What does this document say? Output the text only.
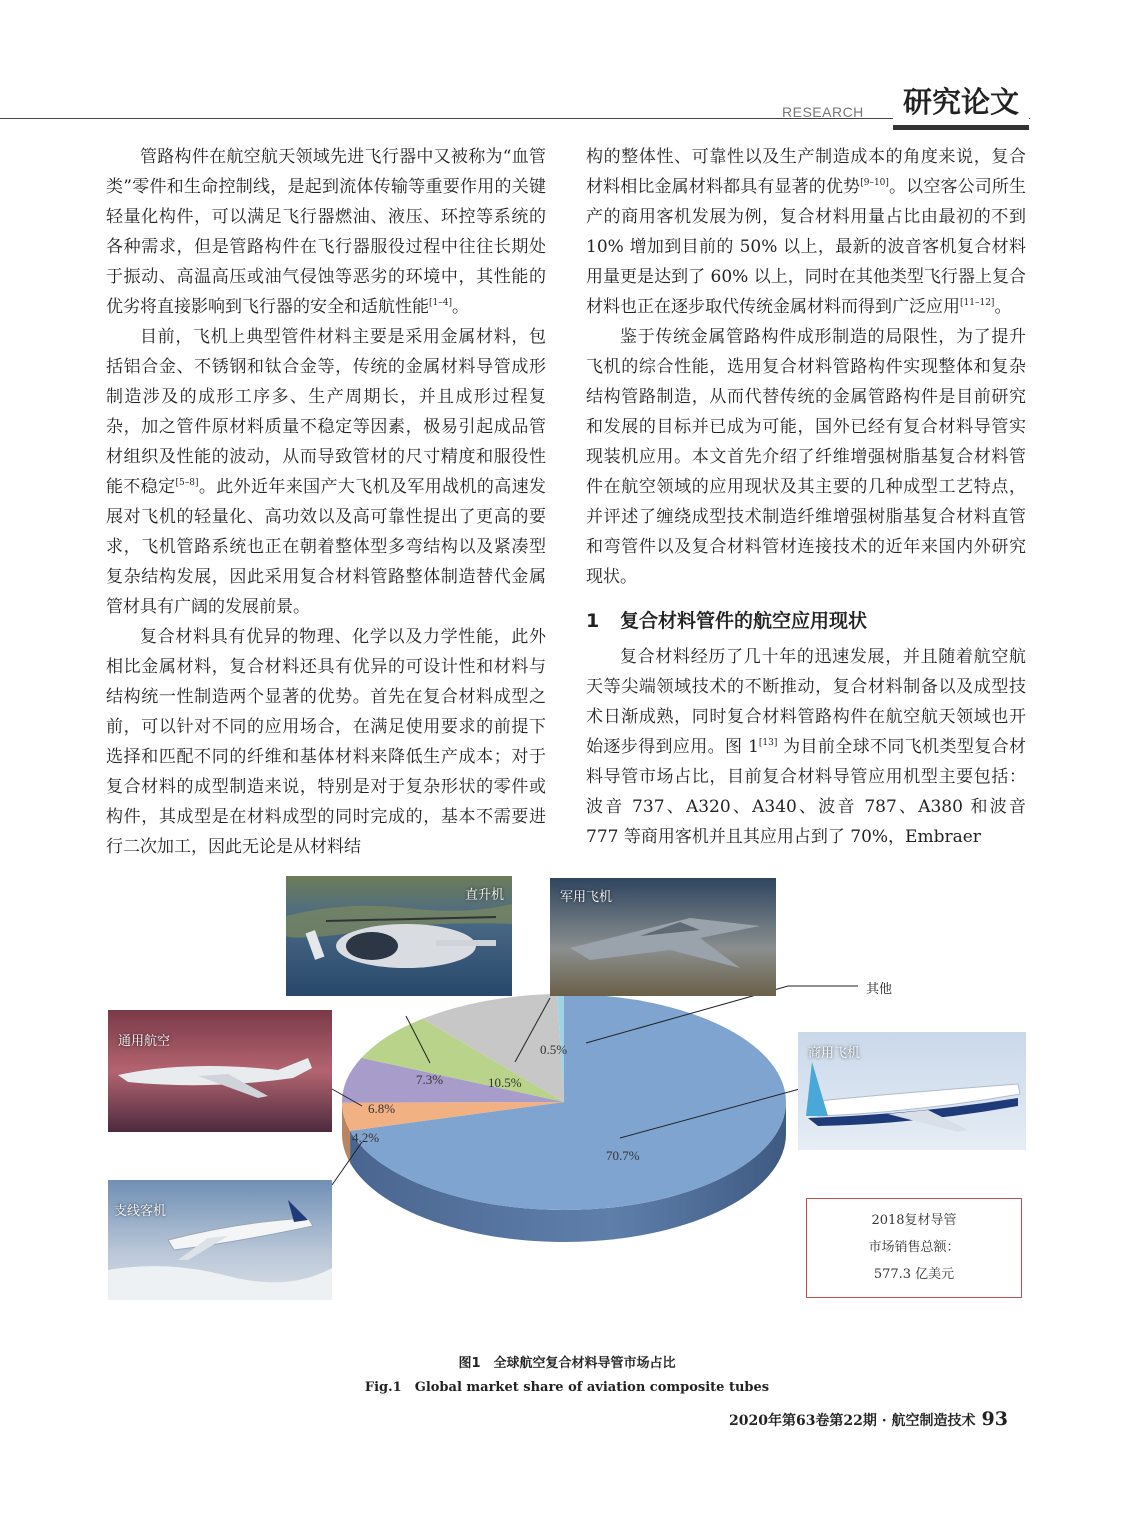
RESEARCH	研究论文

管路构件在航空航天领域先进飞行器中又被称为“血管类”零件和生命控制线，是起到流体传输等重要作用的关键轻量化构件，可以满足飞行器燃油、液压、环控等系统的各种需求，但是管路构件在飞行器服役过程中往往长期处于振动、高温高压或油气侵蚀等恶劣的环境中，其性能的优劣将直接影响到飞行器的安全和适航性能[1–4]。

目前，飞机上典型管件材料主要是采用金属材料，包括铝合金、不锈钢和钛合金等，传统的金属材料导管成形制造涉及的成形工序多、生产周期长，并且成形过程复杂，加之管件原材料质量不稳定等因素，极易引起成品管材组织及性能的波动，从而导致管材的尺寸精度和服役性能不稳定[5–8]。此外近年来国产大飞机及军用战机的高速发展对飞机的轻量化、高功效以及高可靠性提出了更高的要求，飞机管路系统也正在朝着整体型多弯结构以及紧凑型复杂结构发展，因此采用复合材料管路整体制造替代金属管材具有广阔的发展前景。

复合材料具有优异的物理、化学以及力学性能，此外相比金属材料，复合材料还具有优异的可设计性和材料与结构统一性制造两个显著的优势。首先在复合材料成型之前，可以针对不同的应用场合，在满足使用要求的前提下选择和匹配不同的纤维和基体材料来降低生产成本；对于复合材料的成型制造来说，特别是对于复杂形状的零件或构件，其成型是在材料成型的同时完成的，基本不需要进行二次加工，因此无论是从材料结

构的整体性、可靠性以及生产制造成本的角度来说，复合材料相比金属材料都具有显著的优势[9–10]。以空客公司所生产的商用客机发展为例，复合材料用量占比由最初的不到 10% 增加到目前的 50% 以上，最新的波音客机复合材料用量更是达到了 60% 以上，同时在其他类型飞行器上复合材料也正在逐步取代传统金属材料而得到广泛应用[11–12]。

鉴于传统金属管路构件成形制造的局限性，为了提升飞机的综合性能，选用复合材料管路构件实现整体和复杂结构管路制造，从而代替传统的金属管路构件是目前研究和发展的目标并已成为可能，国外已经有复合材料导管实现装机应用。本文首先介绍了纤维增强树脂基复合材料管件在航空领域的应用现状及其主要的几种成型工艺特点，并评述了缠绕成型技术制造纤维增强树脂基复合材料直管和弯管件以及复合材料管材连接技术的近年来国内外研究现状。

1 复合材料管件的航空应用现状

复合材料经历了几十年的迅速发展，并且随着航空航天等尖端领域技术的不断推动，复合材料制备以及成型技术日渐成熟，同时复合材料管路构件在航空航天领域也开始逐步得到应用。图 1[13] 为目前全球不同飞机类型复合材料导管市场占比，目前复合材料导管应用机型主要包括：波音 737、A320、A340、波音 787、A380 和波音 777 等商用客机并且其应用占到了 70%，Embraer

70.7%
4.2%
6.8%
7.3%	10.5%
0.5%
直升机	军用飞机
通用航空
商用飞机
支线客机
其他
2018复材导管
市场销售总额：
577.3 亿美元
图1　全球航空复合材料导管市场占比
Fig.1　Global market share of aviation composite tubes
2020年第63卷第22期 · 航空制造技术 93
